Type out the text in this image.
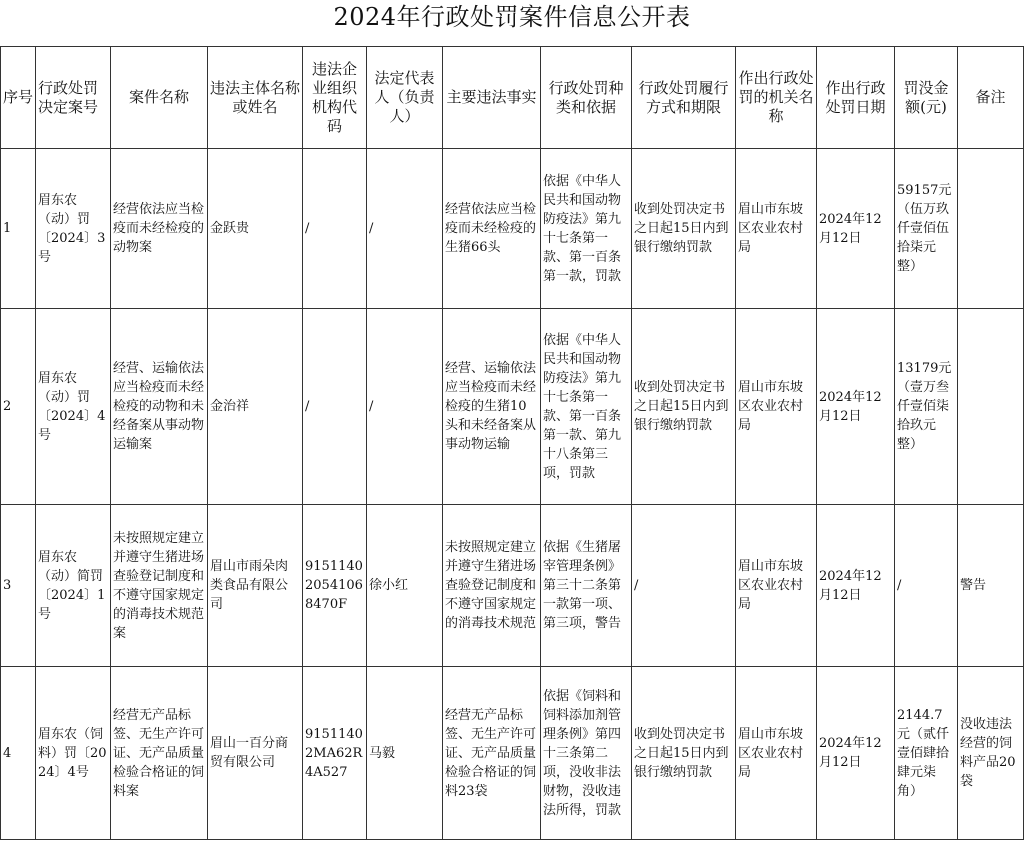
2024年行政处罚案件信息公开表
序号	行政处罚决定案号	案件名称	违法主体名称或姓名	违法企业组织机构代码	法定代表人（负责人）	主要违法事实	行政处罚种类和依据	行政处罚履行方式和期限	作出行政处罚的机关名称	作出行政处罚日期	罚没金额(元)	备注
1	眉东农（动）罚〔2024〕3号	经营依法应当检疫而未经检疫的动物案	金跃贵	/	/	经营依法应当检疫而未经检疫的生猪66头	依据《中华人民共和国动物防疫法》第九十七条第一款、第一百条第一款，罚款	收到处罚决定书之日起15日内到银行缴纳罚款	眉山市东坡区农业农村局	2024年12月12日	59157元（伍万玖仟壹佰伍拾柒元整）	
2	眉东农（动）罚〔2024〕4号	经营、运输依法应当检疫而未经检疫的动物和未经备案从事动物运输案	金治祥	/	/	经营、运输依法应当检疫而未经检疫的生猪10头和未经备案从事动物运输	依据《中华人民共和国动物防疫法》第九十七条第一款、第一百条第一款、第九十八条第三项，罚款	收到处罚决定书之日起15日内到银行缴纳罚款	眉山市东坡区农业农村局	2024年12月12日	13179元（壹万叁仟壹佰柒拾玖元整）	
3	眉东农（动）简罚〔2024〕1号	未按照规定建立并遵守生猪进场查验登记制度和不遵守国家规定的消毒技术规范案	眉山市雨朵肉类食品有限公司	915114020541068470F	徐小红	未按照规定建立并遵守生猪进场查验登记制度和不遵守国家规定的消毒技术规范	依据《生猪屠宰管理条例》第三十二条第一款第一项、第三项，警告	/	眉山市东坡区农业农村局	2024年12月12日	/	警告
4	眉东农（饲料）罚〔2024〕4号	经营无产品标签、无生产许可证、无产品质量检验合格证的饲料案	眉山一百分商贸有限公司	91511402MA62R4A527	马毅	经营无产品标签、无生产许可证、无产品质量检验合格证的饲料23袋	依据《饲料和饲料添加剂管理条例》第四十三条第二项，没收非法财物，没收违法所得，罚款	收到处罚决定书之日起15日内到银行缴纳罚款	眉山市东坡区农业农村局	2024年12月12日	2144.7元（贰仟壹佰肆拾肆元柒角）	没收违法经营的饲料产品20袋
